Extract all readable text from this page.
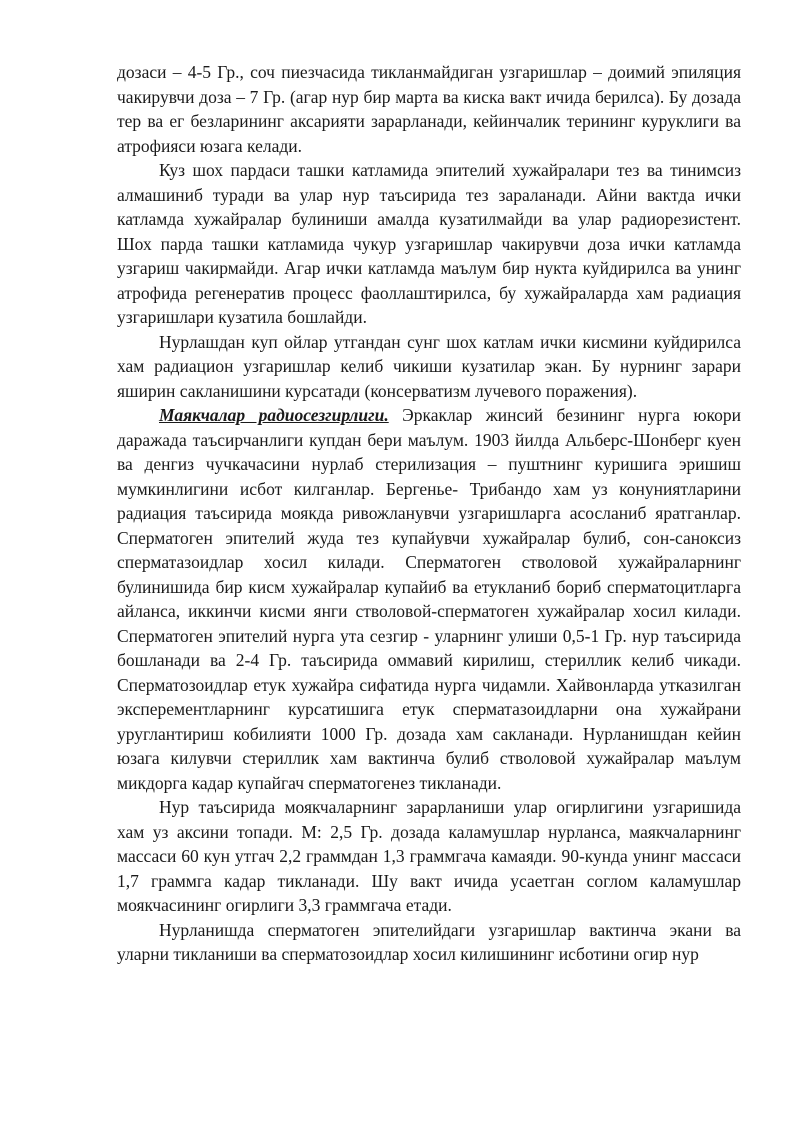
дозаси – 4-5 Гр., соч пиезчасида тикланмайдиган узгаришлар – доимий эпиляция чакирувчи доза – 7 Гр. (агар нур бир марта ва киска вакт ичида берилса). Бу дозада тер ва ег безларининг аксарияти зарарланади, кейинчалик терининг куруклиги ва атрофияси юзага келади.

Куз шох пардаси ташки катламида эпителий хужайралари тез ва тинимсиз алмашиниб туради ва улар нур таъсирида тез зараланади. Айни вактда ички катламда хужайралар булиниши амалда кузатилмайди ва улар радиорезистент. Шох парда ташки катламида чукур узгаришлар чакирувчи доза ички катламда узгариш чакирмайди. Агар ички катламда маълум бир нукта куйдирилса ва унинг атрофида регенератив процесс фаоллаштирилса, бу хужайраларда хам радиация узгаришлари кузатила бошлайди.

Нурлашдан куп ойлар утгандан сунг шох катлам ички кисмини куйдирилса хам радиацион узгаришлар келиб чикиши кузатилар экан. Бу нурнинг зарари яширин сакланишини курсатади (консерватизм лучевого поражения).

Маякчалар радиосезгирлиги. Эркаклар жинсий безининг нурга юкори даражада таъсирчанлиги купдан бери маълум. 1903 йилда Альберс-Шонберг куен ва денгиз чучкачасини нурлаб стерилизация – пуштнинг куришига эришиш мумкинлигини исбот килганлар. Бергенье- Трибандо хам уз конуниятларини радиация таъсирида моякда ривожланувчи узгаришларга асосланиб яратганлар. Сперматоген эпителий жуда тез купайувчи хужайралар булиб, сон-саноксиз сперматазоидлар хосил килади. Сперматоген стволовой хужайраларнинг булинишида бир кисм хужайралар купайиб ва етукланиб бориб сперматоцитларга айланса, иккинчи кисми янги стволовой-сперматоген хужайралар хосил килади. Сперматоген эпителий нурга ута сезгир - уларнинг улиши 0,5-1 Гр. нур таъсирида бошланади ва 2-4 Гр. таъсирида оммавий кирилиш, стериллик келиб чикади. Сперматозоидлар етук хужайра сифатида нурга чидамли. Хайвонларда утказилган эксперементларнинг курсатишига етук сперматазоидларни она хужайрани уруглантириш кобилияти 1000 Гр. дозада хам сакланади. Нурланишдан кейин юзага килувчи стериллик хам вактинча булиб стволовой хужайралар маълум микдорга кадар купайгач сперматогенез тикланади.

Нур таъсирида моякчаларнинг зарарланиши улар огирлигини узгаришида хам уз аксини топади. М: 2,5 Гр. дозада каламушлар нурланса, маякчаларнинг массаси 60 кун утгач 2,2 граммдан 1,3 граммгача камаяди. 90-кунда унинг массаси 1,7 граммга кадар тикланади. Шу вакт ичида усаетган соглом каламушлар моякчасининг огирлиги 3,3 граммгача етади.

Нурланишда сперматоген эпителийдаги узгаришлар вактинча экани ва уларни тикланиши ва сперматозоидлар хосил килишининг исботини огир нур
